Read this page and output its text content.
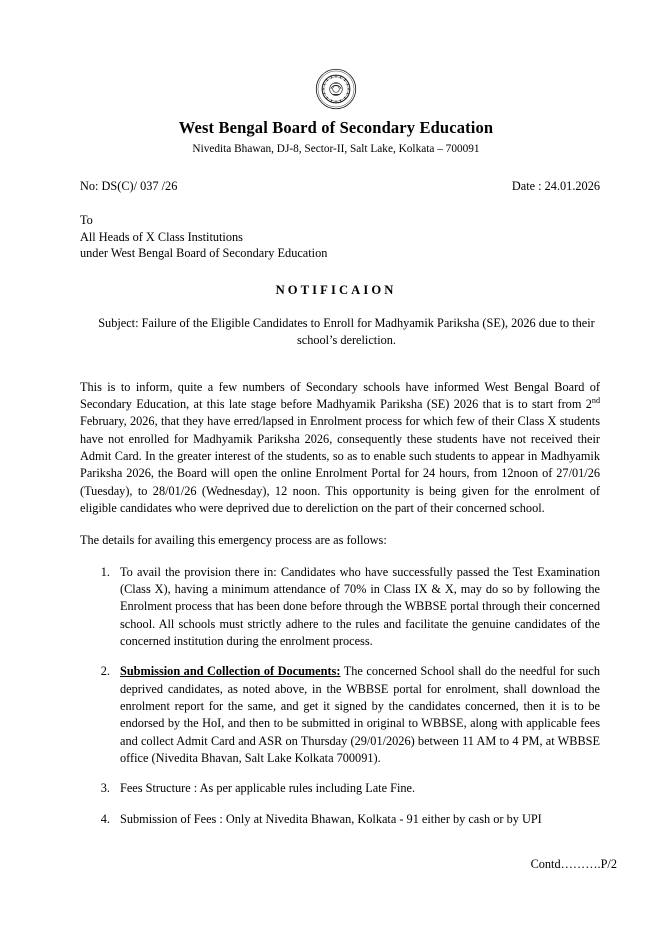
West Bengal Board of Secondary Education
Nivedita Bhawan, DJ-8, Sector-II, Salt Lake, Kolkata – 700091
No: DS(C)/ 037 /26	Date : 24.01.2026
To
All Heads of X Class Institutions
under West Bengal Board of Secondary Education
NOTIFICAION
Subject: Failure of the Eligible Candidates to Enroll for Madhyamik Pariksha (SE), 2026 due to their school’s dereliction.

This is to inform, quite a few numbers of Secondary schools have informed West Bengal Board of Secondary Education, at this late stage before Madhyamik Pariksha (SE) 2026 that is to start from 2nd February, 2026, that they have erred/lapsed in Enrolment process for which few of their Class X students have not enrolled for Madhyamik Pariksha 2026, consequently these students have not received their Admit Card. In the greater interest of the students, so as to enable such students to appear in Madhyamik Pariksha 2026, the Board will open the online Enrolment Portal for 24 hours, from 12noon of 27/01/26 (Tuesday), to 28/01/26 (Wednesday), 12 noon. This opportunity is being given for the enrolment of eligible candidates who were deprived due to dereliction on the part of their concerned school.

The details for availing this emergency process are as follows:

1. To avail the provision there in: Candidates who have successfully passed the Test Examination (Class X), having a minimum attendance of 70% in Class IX & X, may do so by following the Enrolment process that has been done before through the WBBSE portal through their concerned school. All schools must strictly adhere to the rules and facilitate the genuine candidates of the concerned institution during the enrolment process.
2. Submission and Collection of Documents: The concerned School shall do the needful for such deprived candidates, as noted above, in the WBBSE portal for enrolment, shall download the enrolment report for the same, and get it signed by the candidates concerned, then it is to be endorsed by the HoI, and then to be submitted in original to WBBSE, along with applicable fees and collect Admit Card and ASR on Thursday (29/01/2026) between 11 AM to 4 PM, at WBBSE office (Nivedita Bhavan, Salt Lake Kolkata 700091).
3. Fees Structure : As per applicable rules including Late Fine.
4. Submission of Fees : Only at Nivedita Bhawan, Kolkata - 91 either by cash or by UPI
Contd……….P/2
